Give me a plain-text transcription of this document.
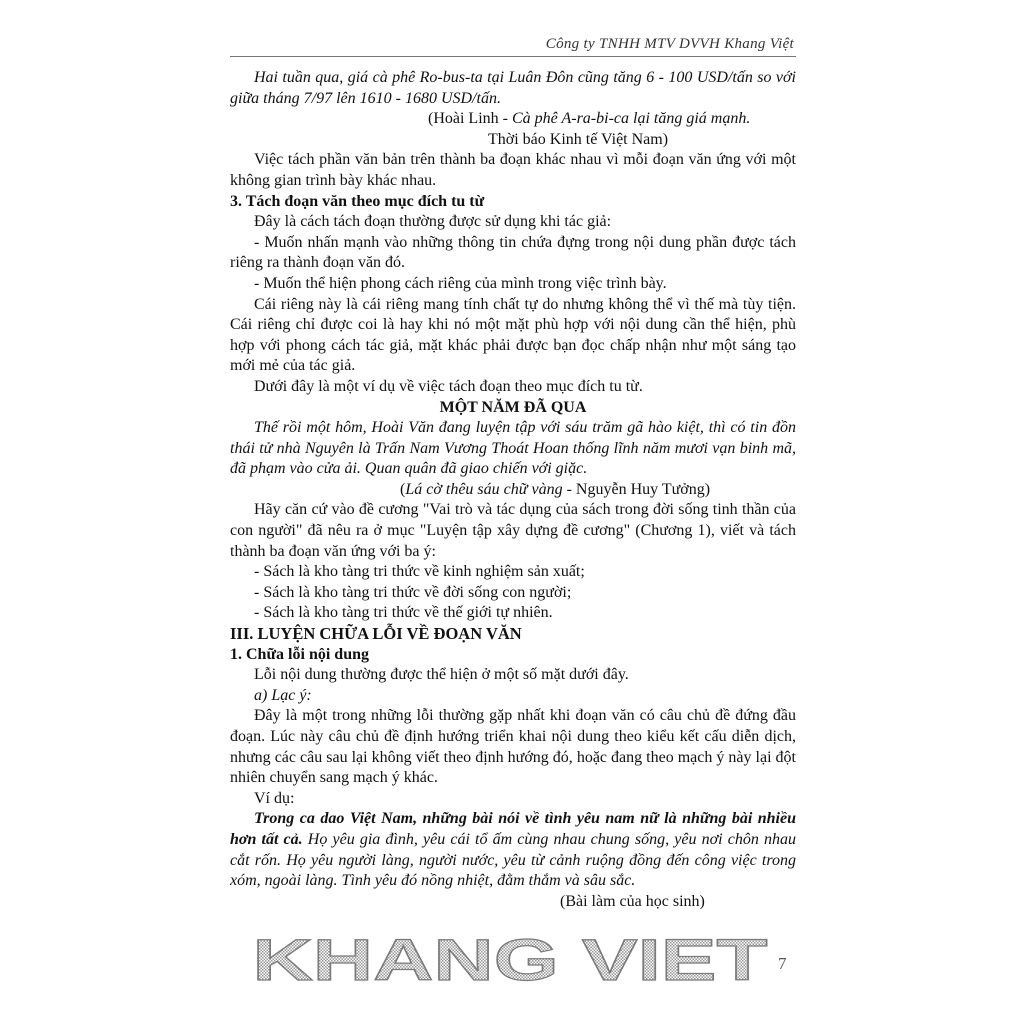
Công ty TNHH MTV DVVH Khang Việt

Hai tuần qua, giá cà phê Ro-bus-ta tại Luân Đôn cũng tăng 6 - 100 USD/tấn so với giữa tháng 7/97 lên 1610 - 1680 USD/tấn.

(Hoài Linh - Cà phê A-ra-bi-ca lại tăng giá mạnh.

Thời báo Kinh tế Việt Nam)

Việc tách phần văn bản trên thành ba đoạn khác nhau vì mỗi đoạn văn ứng với một không gian trình bày khác nhau.

3. Tách đoạn văn theo mục đích tu từ

Đây là cách tách đoạn thường được sử dụng khi tác giả:

- Muốn nhấn mạnh vào những thông tin chứa đựng trong nội dung phần được tách riêng ra thành đoạn văn đó.

- Muốn thể hiện phong cách riêng của mình trong việc trình bày.

Cái riêng này là cái riêng mang tính chất tự do nhưng không thể vì thế mà tùy tiện. Cái riêng chỉ được coi là hay khi nó một mặt phù hợp với nội dung cần thể hiện, phù hợp với phong cách tác giả, mặt khác phải được bạn đọc chấp nhận như một sáng tạo mới mẻ của tác giả.

Dưới đây là một ví dụ về việc tách đoạn theo mục đích tu từ.

MỘT NĂM ĐÃ QUA

Thế rồi một hôm, Hoài Văn đang luyện tập với sáu trăm gã hào kiệt, thì có tin đồn thái tử nhà Nguyên là Trấn Nam Vương Thoát Hoan thống lĩnh năm mươi vạn binh mã, đã phạm vào cửa ải. Quan quân đã giao chiến với giặc.

(Lá cờ thêu sáu chữ vàng - Nguyễn Huy Tưởng)

Hãy căn cứ vào đề cương "Vai trò và tác dụng của sách trong đời sống tinh thần của con người" đã nêu ra ở mục "Luyện tập xây dựng đề cương" (Chương 1), viết và tách thành ba đoạn văn ứng với ba ý:

- Sách là kho tàng tri thức về kinh nghiệm sản xuất;

- Sách là kho tàng tri thức về đời sống con người;

- Sách là kho tàng tri thức về thế giới tự nhiên.

III. LUYỆN CHỮA LỖI VỀ ĐOẠN VĂN

1. Chữa lỗi nội dung

Lỗi nội dung thường được thể hiện ở một số mặt dưới đây.

a) Lạc ý:

Đây là một trong những lỗi thường gặp nhất khi đoạn văn có câu chủ đề đứng đầu đoạn. Lúc này câu chủ đề định hướng triển khai nội dung theo kiểu kết cấu diễn dịch, nhưng các câu sau lại không viết theo định hướng đó, hoặc đang theo mạch ý này lại đột nhiên chuyển sang mạch ý khác.

Ví dụ:

Trong ca dao Việt Nam, những bài nói về tình yêu nam nữ là những bài nhiều hơn tất cả. Họ yêu gia đình, yêu cái tổ ấm cùng nhau chung sống, yêu nơi chôn nhau cắt rốn. Họ yêu người làng, người nước, yêu từ cảnh ruộng đồng đến công việc trong xóm, ngoài làng. Tình yêu đó nồng nhiệt, đằm thắm và sâu sắc.

(Bài làm của học sinh)

KHANG VIET 7
